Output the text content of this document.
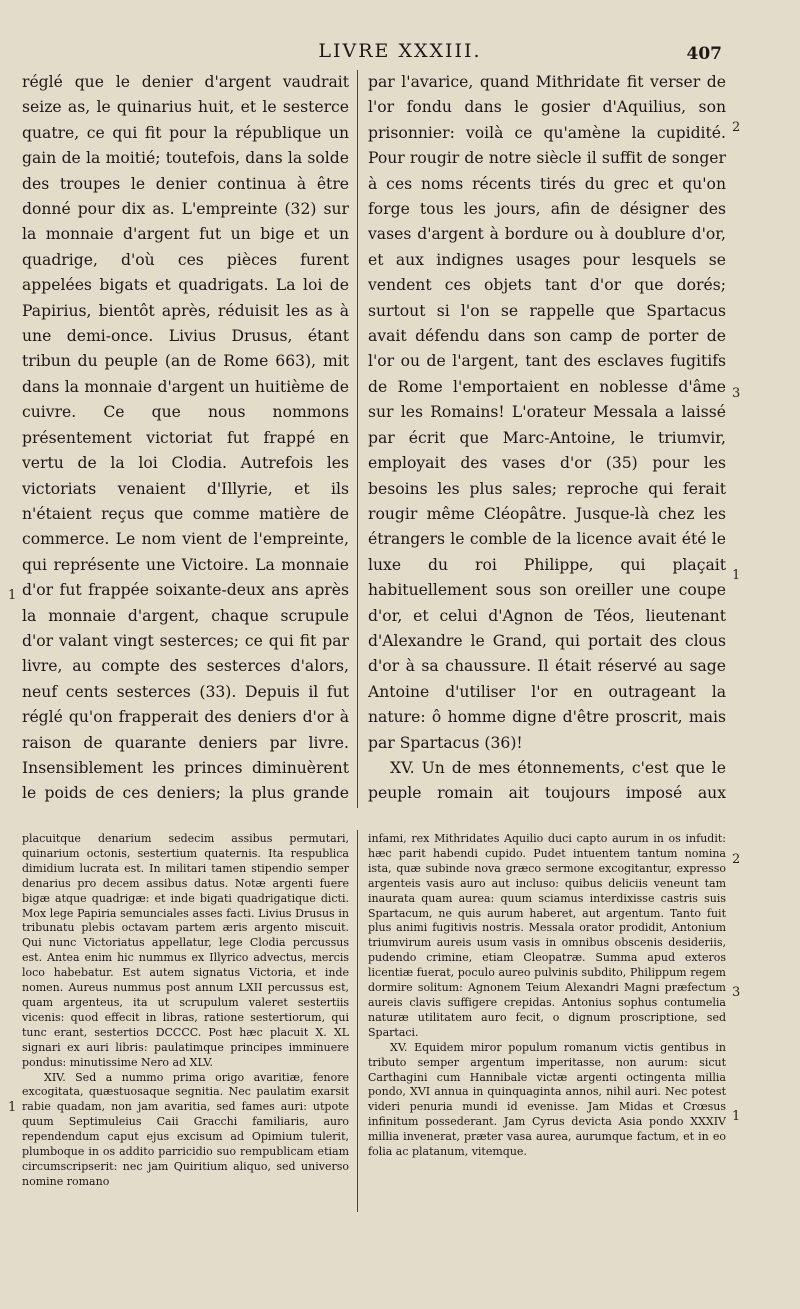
LIVRE XXXIII.	407

réglé que le denier d'argent vaudrait seize as, le quinarius huit, et le sesterce quatre, ce qui fit pour la république un gain de la moitié; toutefois, dans la solde des troupes le denier continua à être donné pour dix as. L'empreinte (32) sur la monnaie d'argent fut un bige et un quadrige, d'où ces pièces furent appelées bigats et quadrigats. La loi de Papirius, bientôt après, réduisit les as à une demi-once. Livius Drusus, étant tribun du peuple (an de Rome 663), mit dans la monnaie d'argent un huitième de cuivre. Ce que nous nommons présentement victoriat fut frappé en vertu de la loi Clodia. Autrefois les victoriats venaient d'Illyrie, et ils n'étaient reçus que comme matière de commerce. Le nom vient de l'empreinte, qui représente une Victoire. La monnaie d'or fut frappée soixante-deux ans après la monnaie d'argent, chaque scrupule d'or valant vingt sesterces; ce qui fit par livre, au compte des sesterces d'alors, neuf cents sesterces (33). Depuis il fut réglé qu'on frapperait des deniers d'or à raison de quarante deniers par livre. Insensiblement les princes diminuèrent le poids de ces deniers; la plus grande

par l'avarice, quand Mithridate fit verser de l'or fondu dans le gosier d'Aquilius, son prisonnier: voilà ce qu'amène la cupidité. Pour rougir de notre siècle il suffit de songer à ces noms récents tirés du grec et qu'on forge tous les jours, afin de désigner des vases d'argent à bordure ou à doublure d'or, et aux indignes usages pour lesquels se vendent ces objets tant d'or que dorés; surtout si l'on se rappelle que Spartacus avait défendu dans son camp de porter de l'or ou de l'argent, tant des esclaves fugitifs de Rome l'emportaient en noblesse d'âme sur les Romains! L'orateur Messala a laissé par écrit que Marc-Antoine, le triumvir, employait des vases d'or (35) pour les besoins les plus sales; reproche qui ferait rougir même Cléopâtre. Jusque-là chez les étrangers le comble de la licence avait été le luxe du roi Philippe, qui plaçait habituellement sous son oreiller une coupe d'or, et celui d'Agnon de Téos, lieutenant d'Alexandre le Grand, qui portait des clous d'or à sa chaussure. Il était réservé au sage Antoine d'utiliser l'or en outrageant la nature: ô homme digne d'être proscrit, mais par Spartacus (36)!

XV. Un de mes étonnements, c'est que le peuple romain ait toujours imposé aux

placuitque denarium sedecim assibus permutari, quinarium octonis, sestertium quaternis. Ita respublica dimidium lucrata est. In militari tamen stipendio semper denarius pro decem assibus datus. Notæ argenti fuere bigæ atque quadrigæ: et inde bigati quadrigatique dicti. Mox lege Papiria semunciales asses facti. Livius Drusus in tribunatu plebis octavam partem æris argento miscuit. Qui nunc Victoriatus appellatur, lege Clodia percussus est. Antea enim hic nummus ex Illyrico advectus, mercis loco habebatur. Est autem signatus Victoria, et inde nomen. Aureus nummus post annum LXII percussus est, quam argenteus, ita ut scrupulum valeret sestertiis vicenis: quod effecit in libras, ratione sestertiorum, qui tunc erant, sestertios DCCCC. Post hæc placuit X. XL signari ex auri libris: paulatimque principes imminuere pondus: minutissime Nero ad XLV.

XIV. Sed a nummo prima origo avaritiæ, fenore excogitata, quæstuosaque segnitia. Nec paulatim exarsit rabie quadam, non jam avaritia, sed fames auri: utpote quum Septimuleius Caii Gracchi familiaris, auro rependendum caput ejus excisum ad Opimium tulerit, plumboque in os addito parricidio suo rempublicam etiam circumscripserit: nec jam Quiritium aliquo, sed universo nomine romano

infami, rex Mithridates Aquilio duci capto aurum in os infudit: hæc parit habendi cupido. Pudet intuentem tantum nomina ista, quæ subinde nova græco sermone excogitantur, expresso argenteis vasis auro aut incluso: quibus deliciis veneunt tam inaurata quam aurea: quum sciamus interdixisse castris suis Spartacum, ne quis aurum haberet, aut argentum. Tanto fuit plus animi fugitivis nostris. Messala orator prodidit, Antonium triumvirum aureis usum vasis in omnibus obscenis desideriis, pudendo crimine, etiam Cleopatræ. Summa apud exteros licentiæ fuerat, poculo aureo pulvinis subdito, Philippum regem dormire solitum: Agnonem Teium Alexandri Magni præfectum aureis clavis suffigere crepidas. Antonius sophus contumelia naturæ utilitatem auro fecit, o dignum proscriptione, sed Spartaci.

XV. Equidem miror populum romanum victis gentibus in tributo semper argentum imperitasse, non aurum: sicut Carthagini cum Hannibale victæ argenti octingenta millia pondo, XVI annua in quinquaginta annos, nihil auri. Nec potest videri penuria mundi id evenisse. Jam Midas et Crœsus infinitum possederant. Jam Cyrus devicta Asia pondo XXXIV millia invenerat, præter vasa aurea, aurumque factum, et in eo folia ac platanum, vitemque.

1
2
3
1
1
2
3
1
